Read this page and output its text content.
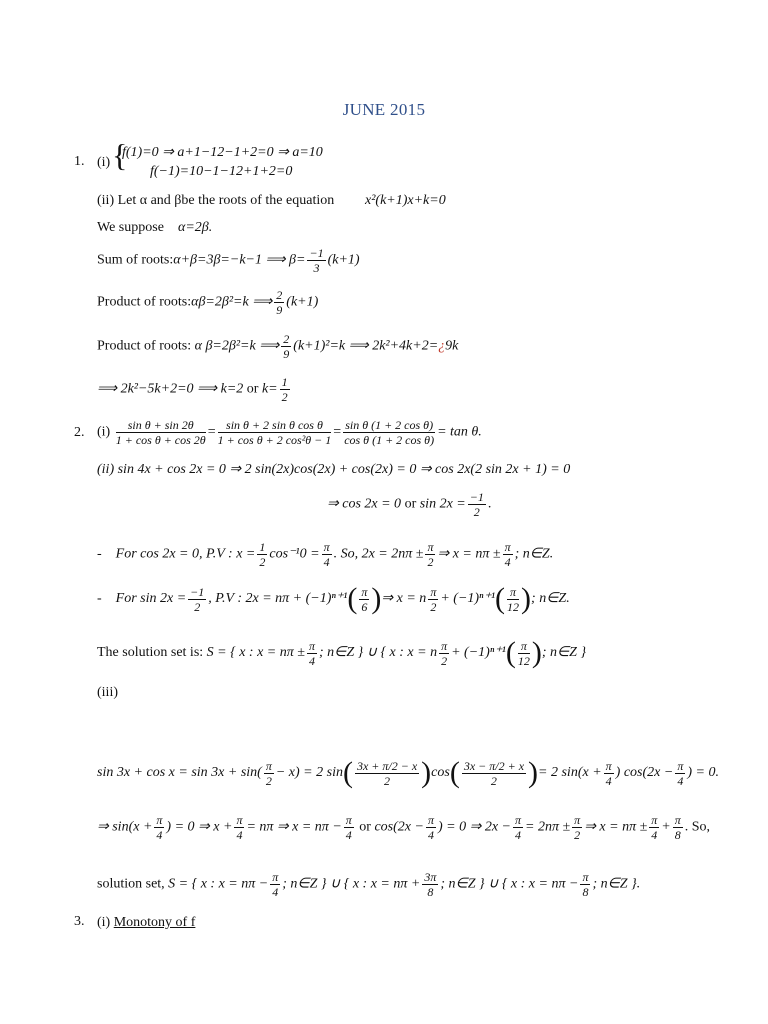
JUNE 2015
1. (i) {
f(1)=0 ⇒ a+1−12−1+2=0 ⇒ a=10
f(−1)=10−1−12+1+2=0
(ii) Let α and βbe the roots of the equation x²(k+1)x+k=0
We suppose α=2β.
Sum of roots:α+β=3β=−k−1 ⟹ $\beta= \frac{-1}{3} (k+1)$
Product of roots:αβ=2β²=k ⟹ $\frac{2}{9} (k+1)$
Product of roots: α β=2β²=k ⟹ $\frac{2}{9} (k+1)^2=k$ ⟹ 2k²+4k+2=¿9k
⟹ 2k²−5k+2=0 ⟹ k=2 or $k= \frac{1}{2}$
2. $(i) \frac{\text{sin θ + sin 2θ}}{\text{1 + cos θ + cos 2θ}} = \frac{\text{sin θ + 2 sin θ cos θ}}{\text{1 + cos θ + 2 cos²θ − 1}} = \frac{\text{sin θ (1 + 2 cos θ)}}{\text{cos θ (1 + 2 cos θ)}} = \tan \theta$.
(ii) sin 4x + cos 2x = 0 ⇒ 2 sin(2x)cos(2x) + cos(2x) = 0 ⇒ cos 2x(2 sin 2x + 1) = 0
⇒ cos 2x = 0 or $\sin 2x = \frac{-1}{2}$ .
- For cos 2x = 0, P.V : $x = \frac{1}{2} \cos^{-1}0 = \frac{\pi}{4}$ . So, $2x = 2n\pi \pm \frac{\pi}{2}$ ⇒ $x = n\pi \pm \frac{\pi}{4}$ ; n∈Z.
- For $\sin 2x = \frac{-1}{2}$ , P.V : $2x = n\pi + (-1)^{n+1}( \frac{\pi}{6}$ )⇒ x = n $\frac{\pi}{2} + (-1)^{n+1}( \frac{\pi}{12}$ ); n∈Z.
The solution set is: S = { x : $x = n\pi \pm \frac{\pi}{4}$ ; n∈Z } ∪ { x : x = n $\frac{\pi}{2} + (-1)^{n+1}( \frac{\pi}{12}$ ); n∈Z }
(iii)
$\sin 3x + \cos x = \sin 3x + \sin( \frac{\pi}{2} - x) = 2$ $\sin( \frac{3x + \pi/2 - x}{2} )\cos( \frac{3x - \pi/2 + x}{2}$ )= 2 $\sin(x + \frac{\pi}{4}$ ) $\cos(2x - \frac{\pi}{4}$ ) = 0.
⇒ $\sin(x + \frac{\pi}{4}$ ) = 0 ⇒ $x + \frac{\pi}{4} = n\pi$ ⇒ $x = n\pi - \frac{\pi}{4}$ or $\cos(2x - \frac{\pi}{4}$ ) = 0 ⇒ $2x - \frac{\pi}{4} = 2n\pi \pm \frac{\pi}{2}$ ⇒ $x = n\pi \pm \frac{\pi}{4} + \frac{\pi}{8}$ . So,
solution set, S = { x : $x = n\pi - \frac{\pi}{4}$ ; n∈Z } ∪ { x : $x = n\pi + \frac{3\pi}{8}$ ; n∈Z } ∪ { x : $x = n\pi - \frac{\pi}{8}$ ; n∈Z }.
3. (i) Monotony of f
